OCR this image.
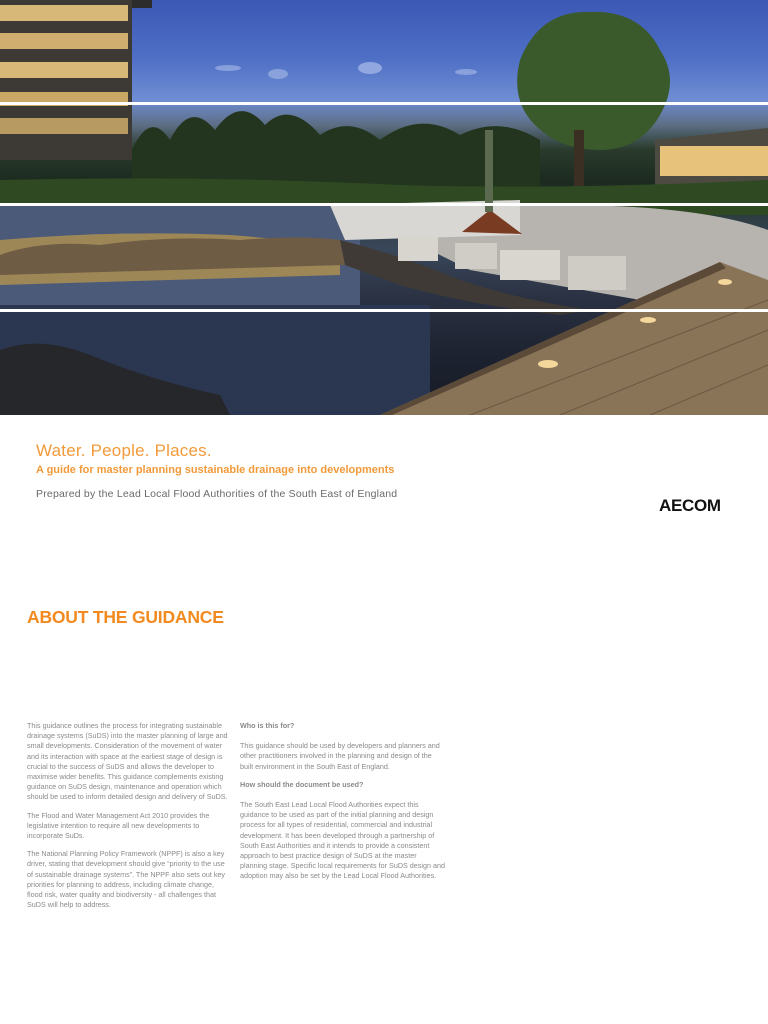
Water. People. Places.
A guide for master planning sustainable drainage into developments
Prepared by the Lead Local Flood Authorities of the South East of England
AECOM
ABOUT THE GUIDANCE

This guidance outlines the process for integrating sustainable drainage systems (SuDS) into the master planning of large and small developments. Consideration of the movement of water and its interaction with space at the earliest stage of design is crucial to the success of SuDS and allows the developer to maximise wider benefits. This guidance complements existing guidance on SuDS design, maintenance and operation which should be used to inform detailed design and delivery of SuDS.

The Flood and Water Management Act 2010 provides the legislative intention to require all new developments to incorporate SuDs.

The National Planning Policy Framework (NPPF) is also a key driver, stating that development should give “priority to the use of sustainable drainage systems”. The NPPF also sets out key priorities for planning to address, including climate change, flood risk, water quality and biodiversity - all challenges that SuDS will help to address.

Who is this for?

This guidance should be used by developers and planners and other practitioners involved in the planning and design of the built environment in the South East of England.

How should the document be used?

The South East Lead Local Flood Authorities expect this guidance to be used as part of the initial planning and design process for all types of residential, commercial and industrial development. It has been developed through a partnership of South East Authorities and it intends to provide a consistent approach to best practice design of SuDS at the master planning stage. Specific local requirements for SuDS design and adoption may also be set by the Lead Local Flood Authorities.
